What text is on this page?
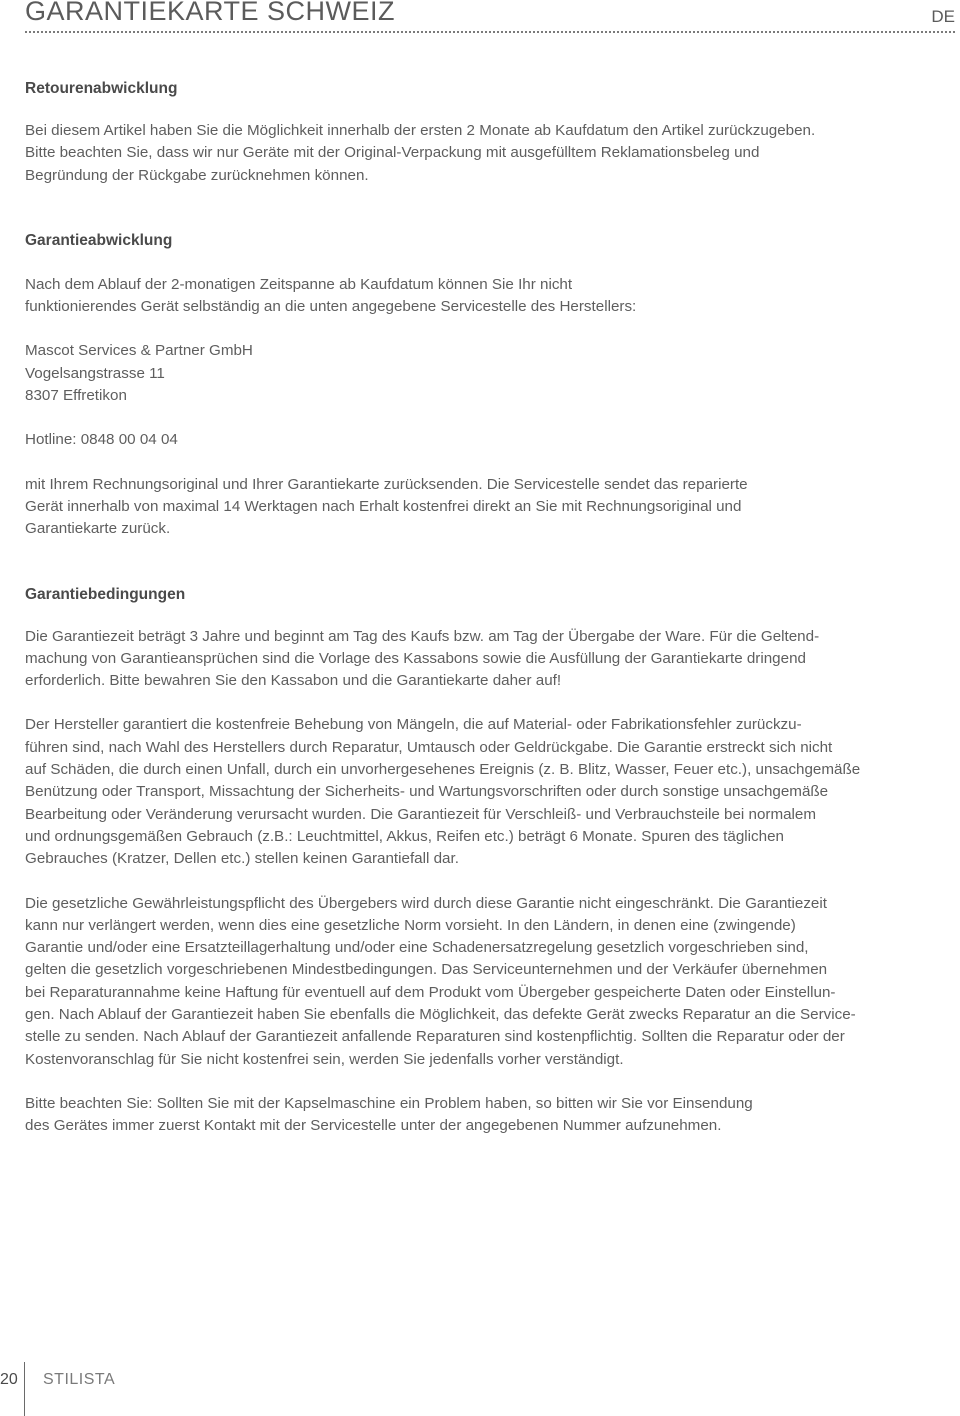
GARANTIEKARTE SCHWEIZ	DE
Retourenabwicklung

Bei diesem Artikel haben Sie die Möglichkeit innerhalb der ersten 2 Monate ab Kaufdatum den Artikel zurückzugeben.
Bitte beachten Sie, dass wir nur Geräte mit der Original-Verpackung mit ausgefülltem Reklamationsbeleg und
Begründung der Rückgabe zurücknehmen können.

Garantieabwicklung

Nach dem Ablauf der 2-monatigen Zeitspanne ab Kaufdatum können Sie Ihr nicht
funktionierendes Gerät selbständig an die unten angegebene Servicestelle des Herstellers:

Mascot Services & Partner GmbH
Vogelsangstrasse 11
8307 Effretikon

Hotline: 0848 00 04 04

mit Ihrem Rechnungsoriginal und Ihrer Garantiekarte zurücksenden. Die Servicestelle sendet das reparierte
Gerät innerhalb von maximal 14 Werktagen nach Erhalt kostenfrei direkt an Sie mit Rechnungsoriginal und
Garantiekarte zurück.

Garantiebedingungen

Die Garantiezeit beträgt 3 Jahre und beginnt am Tag des Kaufs bzw. am Tag der Übergabe der Ware. Für die Geltend-
machung von Garantieansprüchen sind die Vorlage des Kassabons sowie die Ausfüllung der Garantiekarte dringend
erforderlich. Bitte bewahren Sie den Kassabon und die Garantiekarte daher auf!

Der Hersteller garantiert die kostenfreie Behebung von Mängeln, die auf Material- oder Fabrikationsfehler zurückzu-
führen sind, nach Wahl des Herstellers durch Reparatur, Umtausch oder Geldrückgabe. Die Garantie erstreckt sich nicht
auf Schäden, die durch einen Unfall, durch ein unvorhergesehenes Ereignis (z. B. Blitz, Wasser, Feuer etc.), unsachgemäße
Benützung oder Transport, Missachtung der Sicherheits- und Wartungsvorschriften oder durch sonstige unsachgemäße
Bearbeitung oder Veränderung verursacht wurden. Die Garantiezeit für Verschleiß- und Verbrauchsteile bei normalem
und ordnungsgemäßen Gebrauch (z.B.: Leuchtmittel, Akkus, Reifen etc.) beträgt 6 Monate. Spuren des täglichen
Gebrauches (Kratzer, Dellen etc.) stellen keinen Garantiefall dar.

Die gesetzliche Gewährleistungspflicht des Übergebers wird durch diese Garantie nicht eingeschränkt. Die Garantiezeit
kann nur verlängert werden, wenn dies eine gesetzliche Norm vorsieht. In den Ländern, in denen eine (zwingende)
Garantie und/oder eine Ersatzteillagerhaltung und/oder eine Schadenersatzregelung gesetzlich vorgeschrieben sind,
gelten die gesetzlich vorgeschriebenen Mindestbedingungen. Das Serviceunternehmen und der Verkäufer übernehmen
bei Reparaturannahme keine Haftung für eventuell auf dem Produkt vom Übergeber gespeicherte Daten oder Einstellun-
gen. Nach Ablauf der Garantiezeit haben Sie ebenfalls die Möglichkeit, das defekte Gerät zwecks Reparatur an die Service-
stelle zu senden. Nach Ablauf der Garantiezeit anfallende Reparaturen sind kostenpflichtig. Sollten die Reparatur oder der
Kostenvoranschlag für Sie nicht kostenfrei sein, werden Sie jedenfalls vorher verständigt.

Bitte beachten Sie: Sollten Sie mit der Kapselmaschine ein Problem haben, so bitten wir Sie vor Einsendung
des Gerätes immer zuerst Kontakt mit der Servicestelle unter der angegebenen Nummer aufzunehmen.

20 STILISTA
